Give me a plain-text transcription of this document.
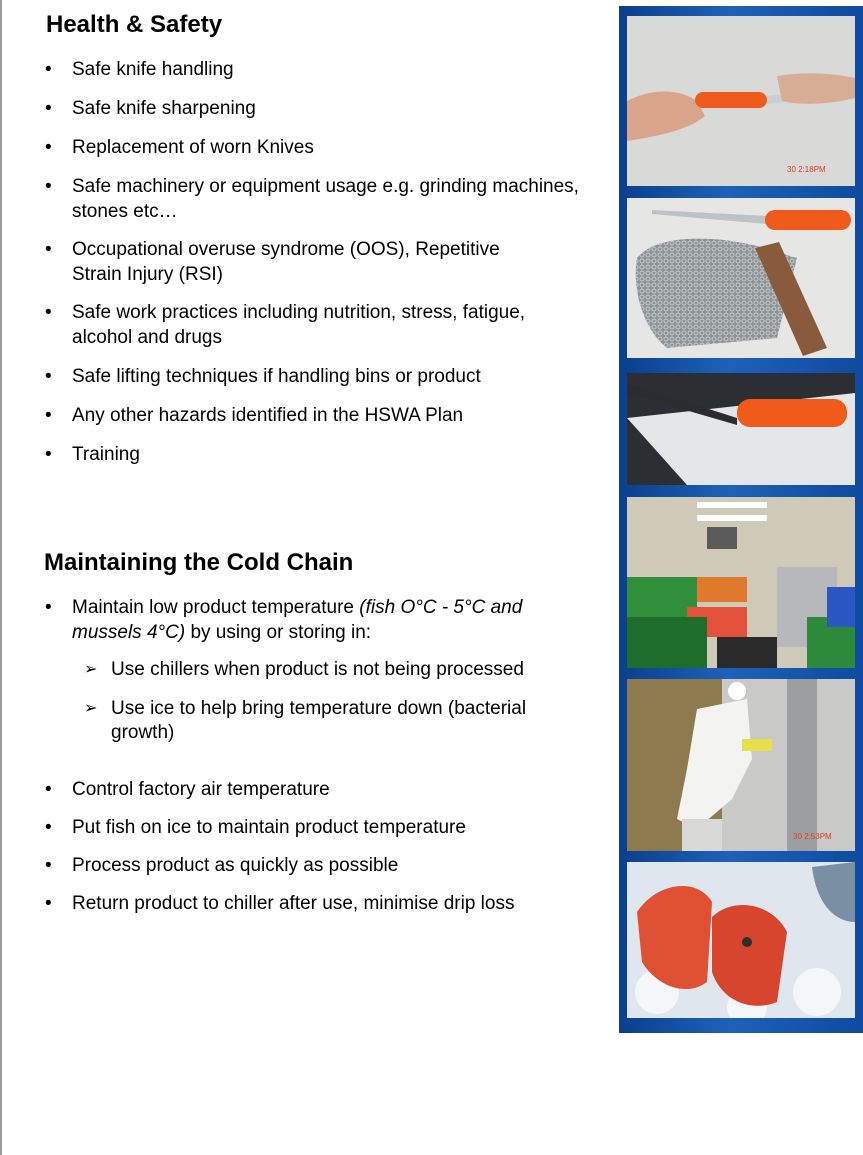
Health & Safety
• Safe knife handling
• Safe knife sharpening
• Replacement of worn Knives
• Safe machinery or equipment usage e.g. grinding machines, stones etc…
• Occupational overuse syndrome (OOS), Repetitive Strain Injury (RSI)
• Safe work practices including nutrition, stress, fatigue, alcohol and drugs
• Safe lifting techniques if handling bins or product
• Any other hazards identified in the HSWA Plan
• Training
Maintaining the Cold Chain
• Maintain low product temperature (fish O°C - 5°C and mussels 4°C) by using or storing in:
➢ Use chillers when product is not being processed
➢ Use ice to help bring temperature down (bacterial growth)
• Control factory air temperature
• Put fish on ice to maintain product temperature
• Process product as quickly as possible
• Return product to chiller after use, minimise drip loss
30 2:18PM
30 2:53PM
